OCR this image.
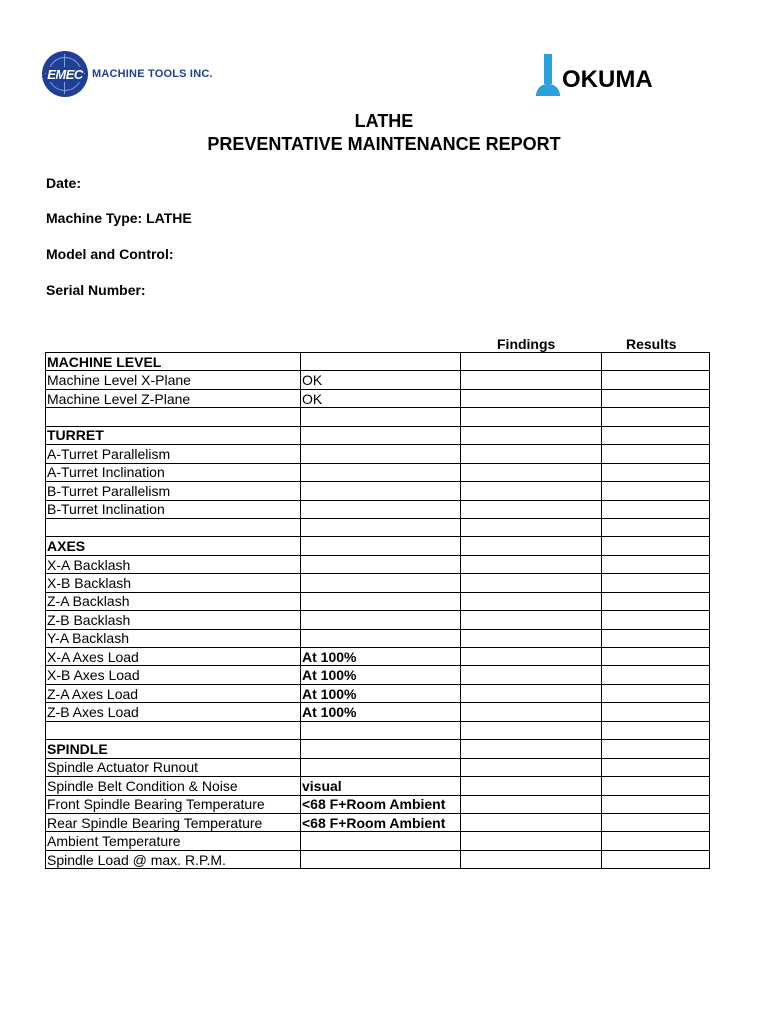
EMEC MACHINE TOOLS INC.	OKUMA
LATHE
PREVENTATIVE MAINTENANCE REPORT
Date:
Machine Type: LATHE
Model and Control:
Serial Number:
Findings	Results
MACHINE LEVEL			
Machine Level X-Plane	OK		
Machine Level Z-Plane	OK		

TURRET			
A-Turret Parallelism			
A-Turret Inclination			
B-Turret Parallelism			
B-Turret Inclination			

AXES			
X-A Backlash			
X-B Backlash			
Z-A Backlash			
Z-B Backlash			
Y-A Backlash			
X-A Axes Load	At 100%		
X-B Axes Load	At 100%		
Z-A Axes Load	At 100%		
Z-B Axes Load	At 100%		

SPINDLE			
Spindle Actuator Runout			
Spindle Belt Condition & Noise	visual		
Front Spindle Bearing Temperature	<68 F+Room Ambient		
Rear Spindle Bearing Temperature	<68 F+Room Ambient		
Ambient Temperature			
Spindle Load @ max. R.P.M.			
